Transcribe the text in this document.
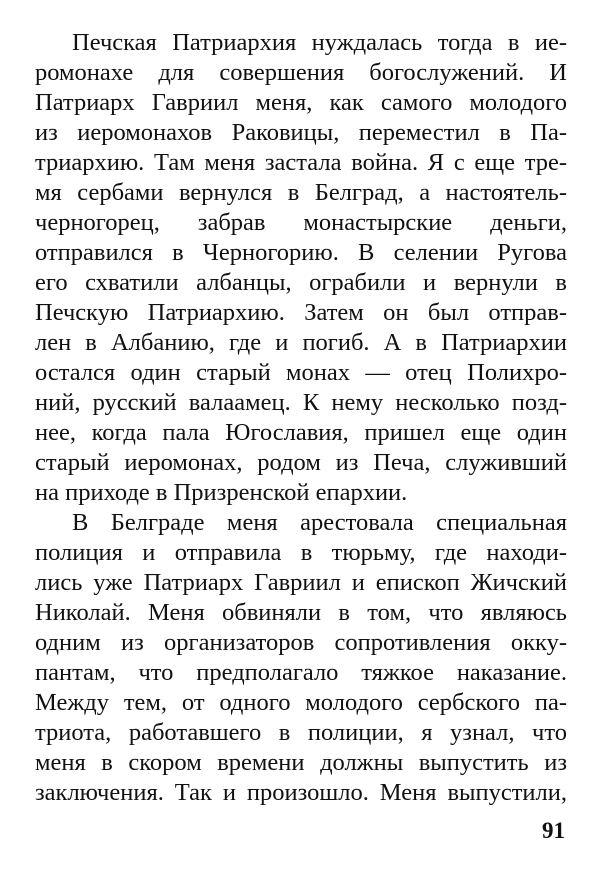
Печская Патриархия нуждалась тогда в ие-
ромонахе для совершения богослужений. И
Патриарх Гавриил меня, как самого молодого
из иеромонахов Раковицы, переместил в Па-
триархию. Там меня застала война. Я с еще тре-
мя сербами вернулся в Белград, а настоятель-
черногорец, забрав монастырские деньги,
отправился в Черногорию. В селении Ругова
его схватили албанцы, ограбили и вернули в
Печскую Патриархию. Затем он был отправ-
лен в Албанию, где и погиб. А в Патриархии
остался один старый монах — отец Полихро-
ний, русский валаамец. К нему несколько позд-
нее, когда пала Югославия, пришел еще один
старый иеромонах, родом из Печа, служивший
на приходе в Призренской епархии.
В Белграде меня арестовала специальная
полиция и отправила в тюрьму, где находи-
лись уже Патриарх Гавриил и епископ Жичский
Николай. Меня обвиняли в том, что являюсь
одним из организаторов сопротивления окку-
пантам, что предполагало тяжкое наказание.
Между тем, от одного молодого сербского па-
триота, работавшего в полиции, я узнал, что
меня в скором времени должны выпустить из
заключения. Так и произошло. Меня выпустили,
91
